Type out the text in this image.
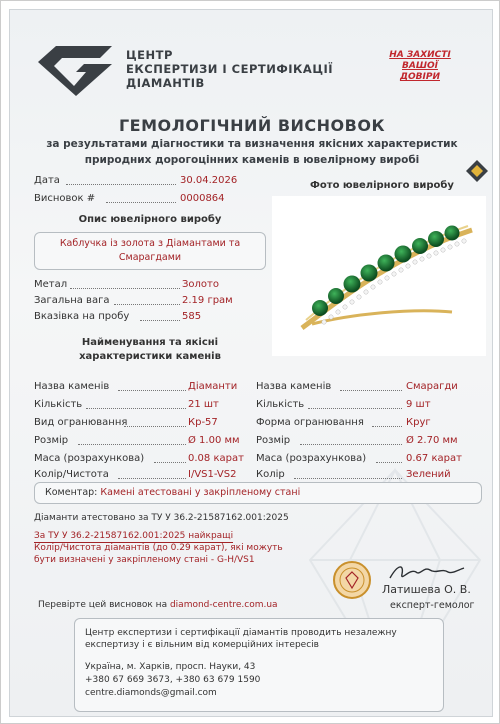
ЦЕНТР
ЕКСПЕРТИЗИ І СЕРТИФІКАЦІЇ
ДІАМАНТІВ
НА ЗАХИСТІ
ВАШОЇ
ДОВІРИ
ГЕМОЛОГІЧНИЙ ВИСНОВОК
за результатами діагностики та визначення якісних характеристик
природних дорогоцінних каменів в ювелірному виробі
Дата	30.04.2026
Висновок #	0000864
Фото ювелірного виробу
Опис ювелірного виробу
Каблучка із золота з Діамантами та
Смарагдами
Метал	Золото
Загальна вага	2.19 грам
Вказівка на пробу	585
Найменування та якісні
характеристики каменів
Назва каменів	Діаманти
Кількість	21 шт
Вид огранювання	Кр-57
Розмір	Ø 1.00 мм
Маса (розрахункова)	0.08 карат
Колір/Чистота	I/VS1-VS2
Назва каменів	Смарагди
Кількість	9 шт
Форма огранювання	Круг
Розмір	Ø 2.70 мм
Маса (розрахункова)	0.67 карат
Колір	Зелений
Коментар: Камені атестовані у закріпленому стані
Діаманти атестовано за ТУ У 36.2-21587162.001:2025
За ТУ У 36.2-21587162.001:2025 найкращі
Колір/Чистота діамантів (до 0.29 карат), які можуть
бути визначені у закріпленому стані - G-H/VS1
Латишева О. В.
експерт-гемолог
Перевірте цей висновок на diamond-centre.com.ua
Центр експертизи і сертифікації діамантів проводить незалежну
експертизу і є вільним від комерційних інтересів
Україна, м. Харків, просп. Науки, 43
+380 67 669 3673, +380 63 679 1590
centre.diamonds@gmail.com
